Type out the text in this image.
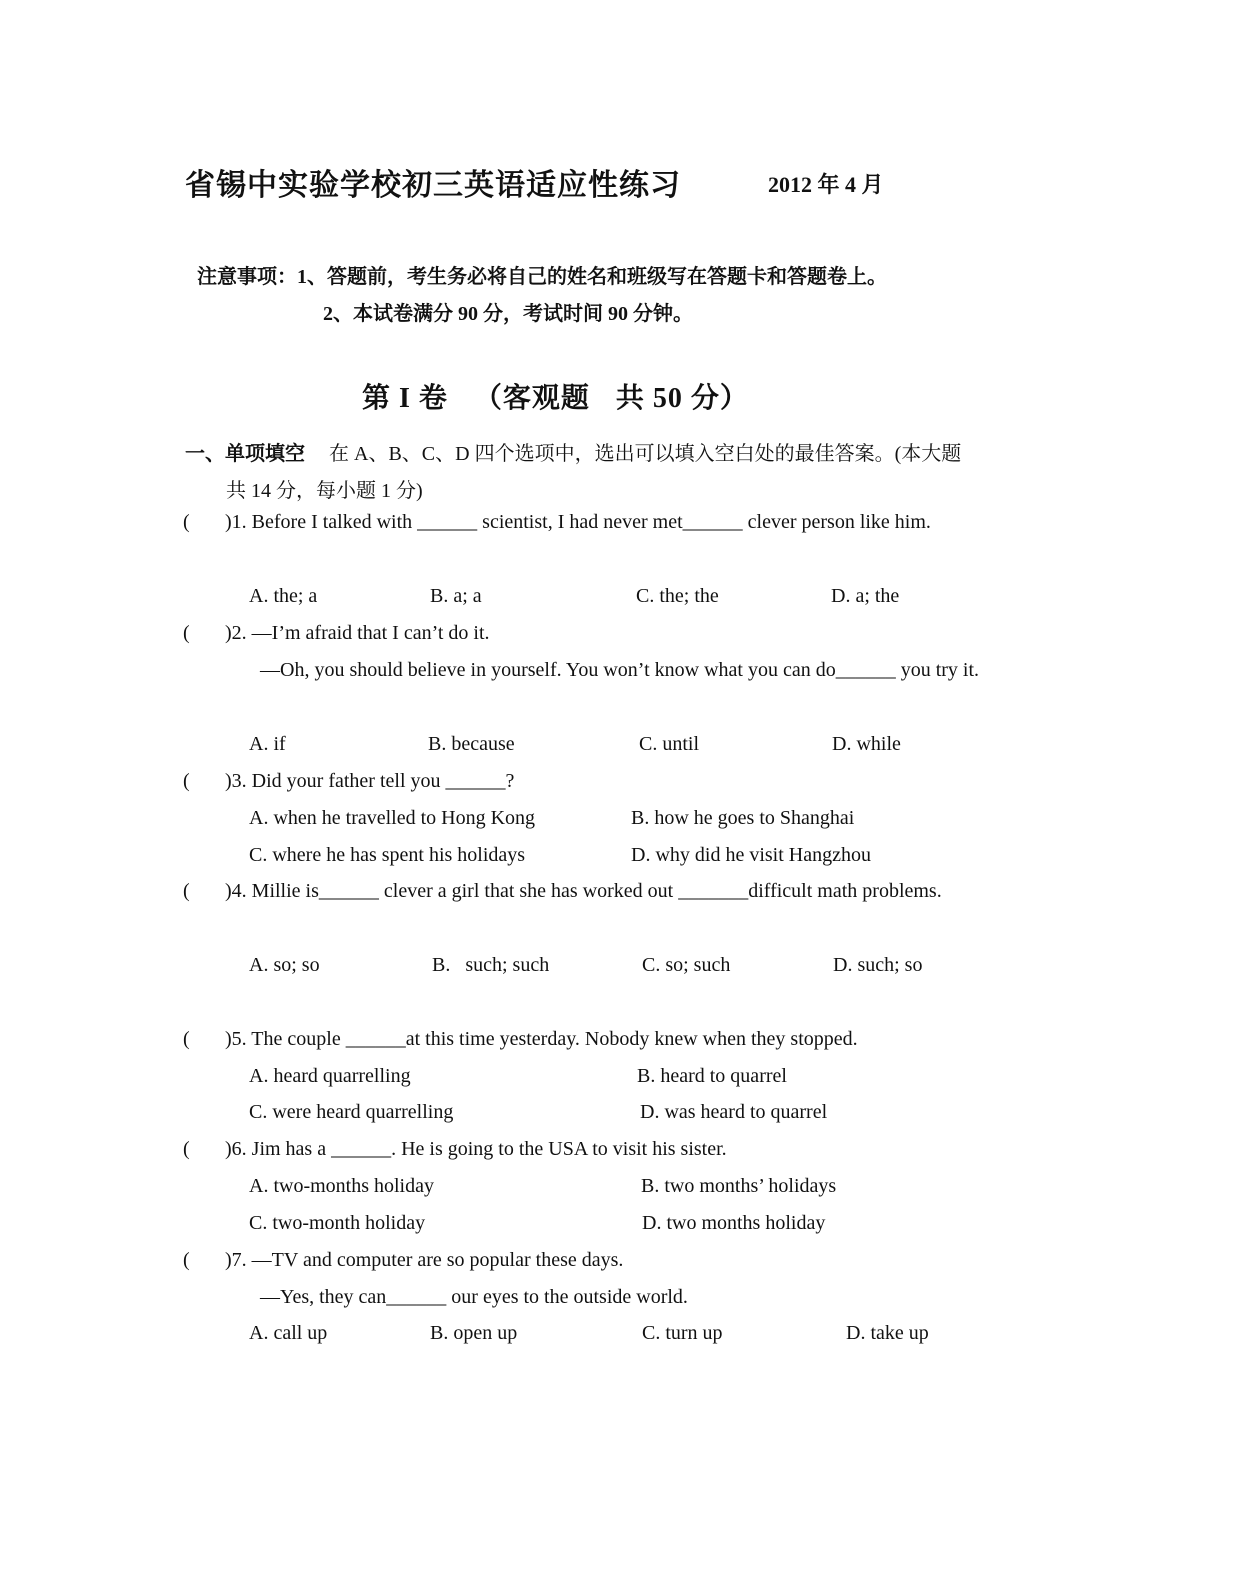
省锡中实验学校初三英语适应性练习	2012 年 4 月
注意事项：1、答题前，考生务必将自己的姓名和班级写在答题卡和答题卷上。
2、本试卷满分 90 分，考试时间 90 分钟。
第 I 卷 （客观题 共 50 分）
一、单项填空 在 A、B、C、D 四个选项中，选出可以填入空白处的最佳答案。(本大题
共 14 分，每小题 1 分)
( )1. Before I talked with ______ scientist, I had never met______ clever person like him.
A. the; a	B. a; a	C. the; the	D. a; the
( )2. —I’m afraid that I can’t do it.
—Oh, you should believe in yourself. You won’t know what you can do______ you try it.
A. if	B. because	C. until	D. while
( )3. Did your father tell you ______?
A. when he travelled to Hong Kong	B. how he goes to Shanghai
C. where he has spent his holidays	D. why did he visit Hangzhou
( )4. Millie is______ clever a girl that she has worked out _______difficult math problems.
A. so; so	B.   such; such	C. so; such	D. such; so
( )5. The couple ______at this time yesterday. Nobody knew when they stopped.
A. heard quarrelling	B. heard to quarrel
C. were heard quarrelling	D. was heard to quarrel
( )6. Jim has a ______. He is going to the USA to visit his sister.
A. two-months holiday	B. two months’ holidays
C. two-month holiday	D. two months holiday
( )7. —TV and computer are so popular these days.
—Yes, they can______ our eyes to the outside world.
A. call up	B. open up	C. turn up	D. take up
